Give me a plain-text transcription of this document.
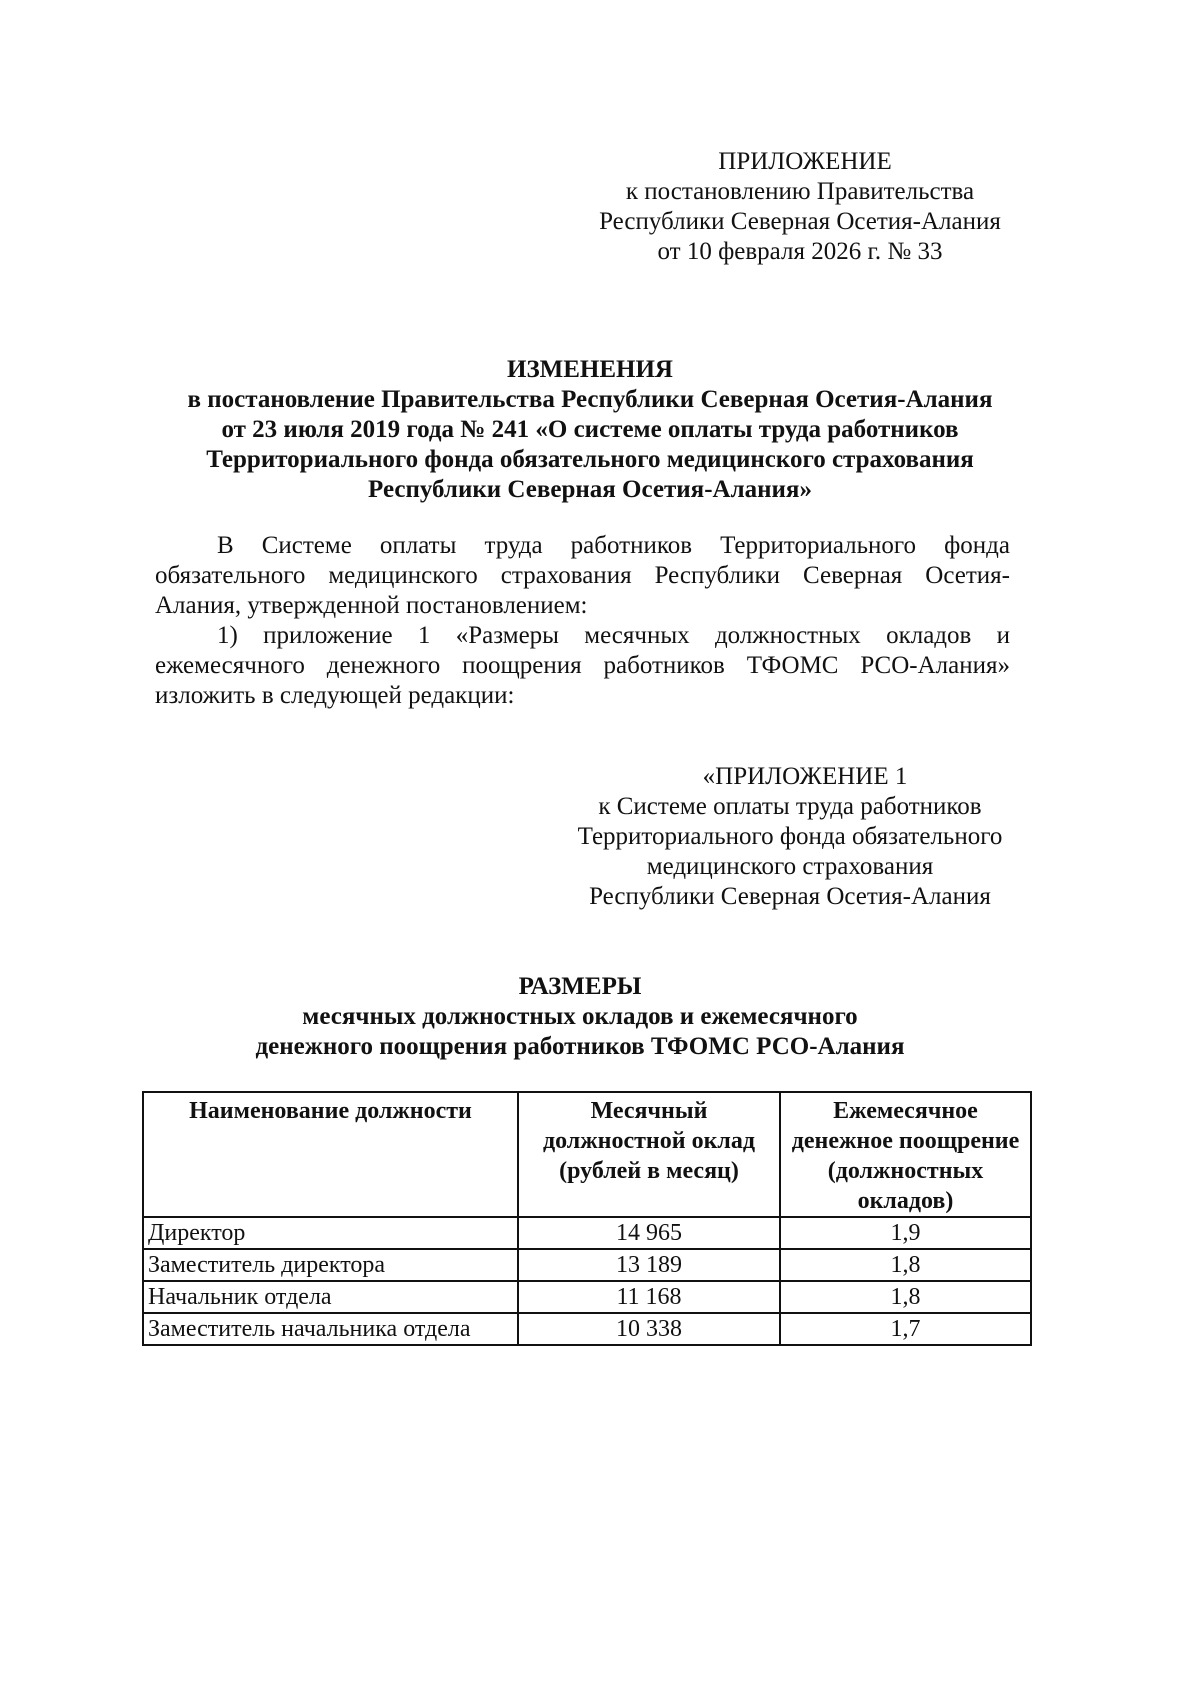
ПРИЛОЖЕНИЕ
к постановлению Правительства
Республики Северная Осетия-Алания
от 10 февраля 2026 г. № 33
ИЗМЕНЕНИЯ
в постановление Правительства Республики Северная Осетия-Алания
от 23 июля 2019 года № 241 «О системе оплаты труда работников
Территориального фонда обязательного медицинского страхования
Республики Северная Осетия-Алания»
В Системе оплаты труда работников Территориального фонда
обязательного медицинского страхования Республики Северная Осетия-
Алания, утвержденной постановлением:
1) приложение 1 «Размеры месячных должностных окладов и
ежемесячного денежного поощрения работников ТФОМС РСО-Алания»
изложить в следующей редакции:
«ПРИЛОЖЕНИЕ 1
к Системе оплаты труда работников
Территориального фонда обязательного
медицинского страхования
Республики Северная Осетия-Алания
РАЗМЕРЫ
месячных должностных окладов и ежемесячного
денежного поощрения работников ТФОМС РСО-Алания
Наименование должности	Месячный должностной оклад (рублей в месяц)	Ежемесячное денежное поощрение (должностных окладов)
Директор	14 965	1,9
Заместитель директора	13 189	1,8
Начальник отдела	11 168	1,8
Заместитель начальника отдела	10 338	1,7
